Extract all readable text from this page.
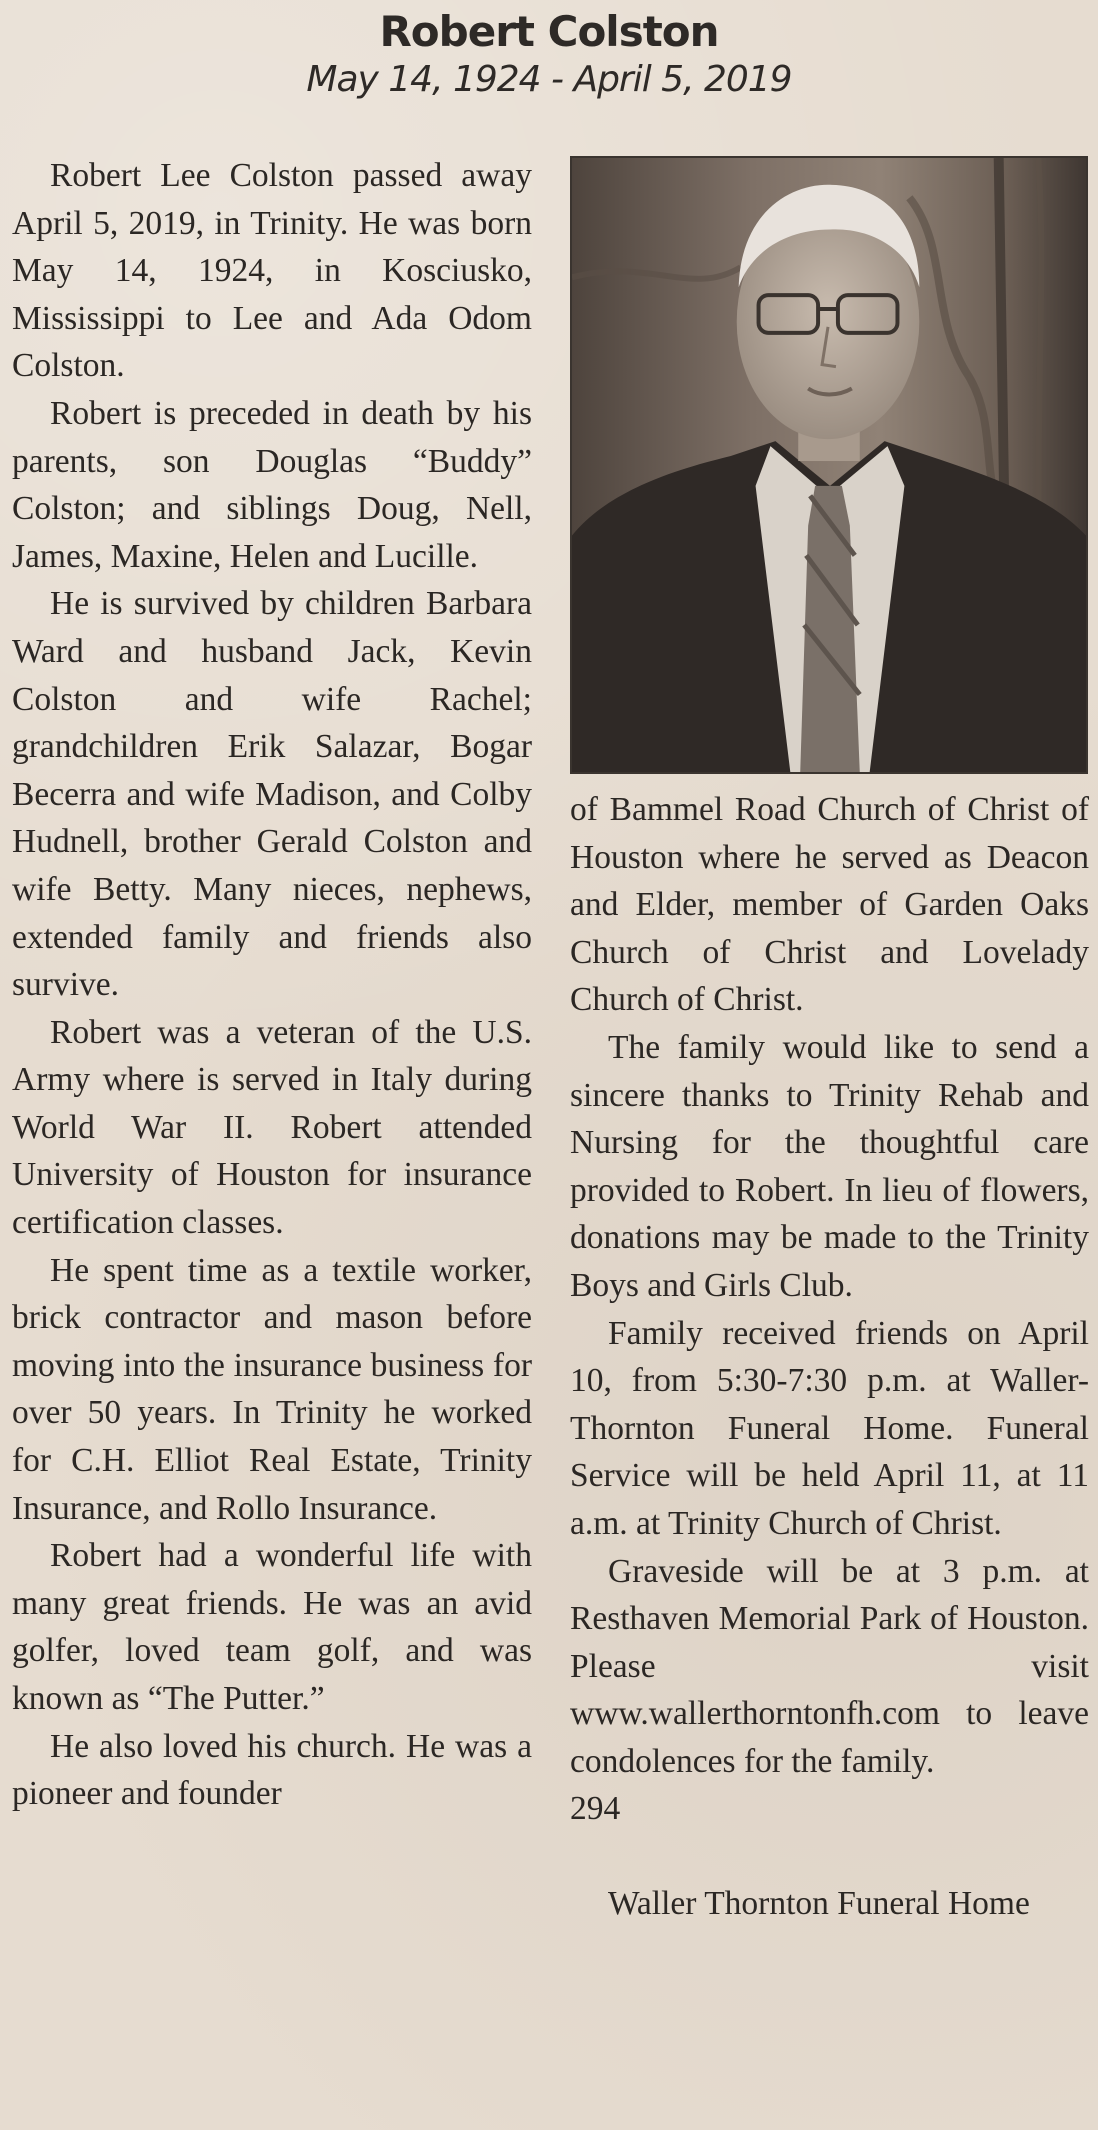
Robert Colston
May 14, 1924 - April 5, 2019

Robert Lee Colston passed away April 5, 2019, in Trinity. He was born May 14, 1924, in Kosciusko, Mississippi to Lee and Ada Odom Colston.

Robert is preceded in death by his parents, son Douglas “Buddy” Colston; and siblings Doug, Nell, James, Maxine, Helen and Lucille.

He is survived by children Barbara Ward and husband Jack, Kevin Colston and wife Rachel; grandchildren Erik Salazar, Bogar Becerra and wife Madison, and Colby Hudnell, brother Gerald Colston and wife Betty. Many nieces, nephews, extended family and friends also survive.

Robert was a veteran of the U.S. Army where is served in Italy during World War II. Robert attended University of Houston for insurance certification classes.

He spent time as a textile worker, brick contractor and mason before moving into the insurance business for over 50 years. In Trinity he worked for C.H. Elliot Real Estate, Trinity Insurance, and Rollo Insurance.

Robert had a wonderful life with many great friends. He was an avid golfer, loved team golf, and was known as “The Putter.”

He also loved his church. He was a pioneer and founder

of Bammel Road Church of Christ of Houston where he served as Deacon and Elder, member of Garden Oaks Church of Christ and Lovelady Church of Christ.

The family would like to send a sincere thanks to Trinity Rehab and Nursing for the thoughtful care provided to Robert. In lieu of flowers, donations may be made to the Trinity Boys and Girls Club.

Family received friends on April 10, from 5:30-7:30 p.m. at Waller-Thornton Funeral Home. Funeral Service will be held April 11, at 11 a.m. at Trinity Church of Christ.

Graveside will be at 3 p.m. at Resthaven Memorial Park of Houston. Please visit www.wallerthorntonfh.com to leave condolences for the family.

294

Waller Thornton Funeral Home
